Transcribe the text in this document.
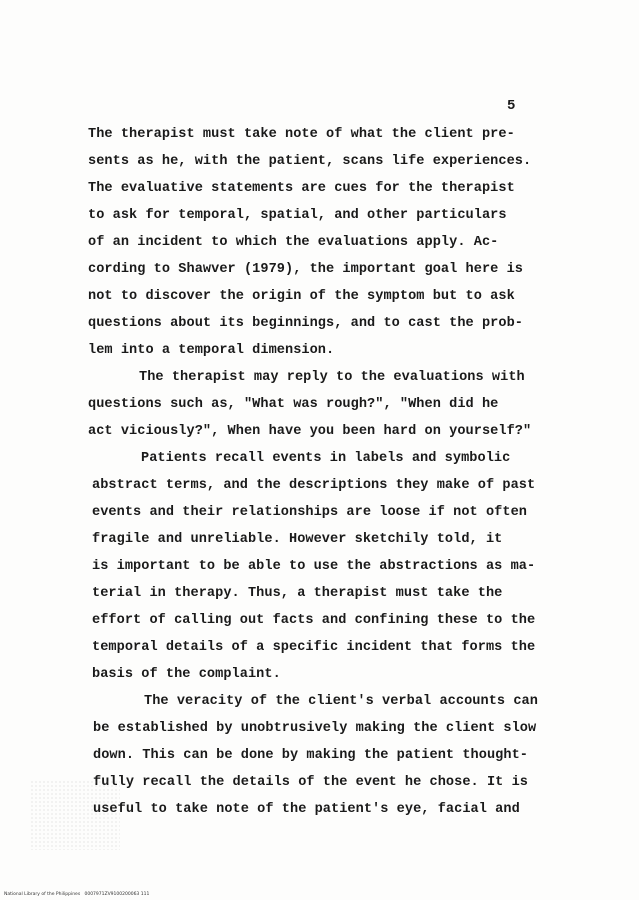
5
The therapist must take note of what the client pre-
sents as he, with the patient, scans life experiences.
The evaluative statements are cues for the therapist
to ask for temporal, spatial, and other particulars
of an incident to which the evaluations apply. Ac-
cording to Shawver (1979), the important goal here is
not to discover the origin of the symptom but to ask
questions about its beginnings, and to cast the prob-
lem into a temporal dimension.
The therapist may reply to the evaluations with
questions such as, "What was rough?", "When did he
act viciously?", When have you been hard on yourself?"
Patients recall events in labels and symbolic
abstract terms, and the descriptions they make of past
events and their relationships are loose if not often
fragile and unreliable. However sketchily told, it
is important to be able to use the abstractions as ma-
terial in therapy. Thus, a therapist must take the
effort of calling out facts and confining these to the
temporal details of a specific incident that forms the
basis of the complaint.
The veracity of the client's verbal accounts can
be established by unobtrusively making the client slow
down. This can be done by making the patient thought-
fully recall the details of the event he chose. It is
useful to take note of the patient's eye, facial and
National Library of the Philippines   0007971ZV9100200063 111
